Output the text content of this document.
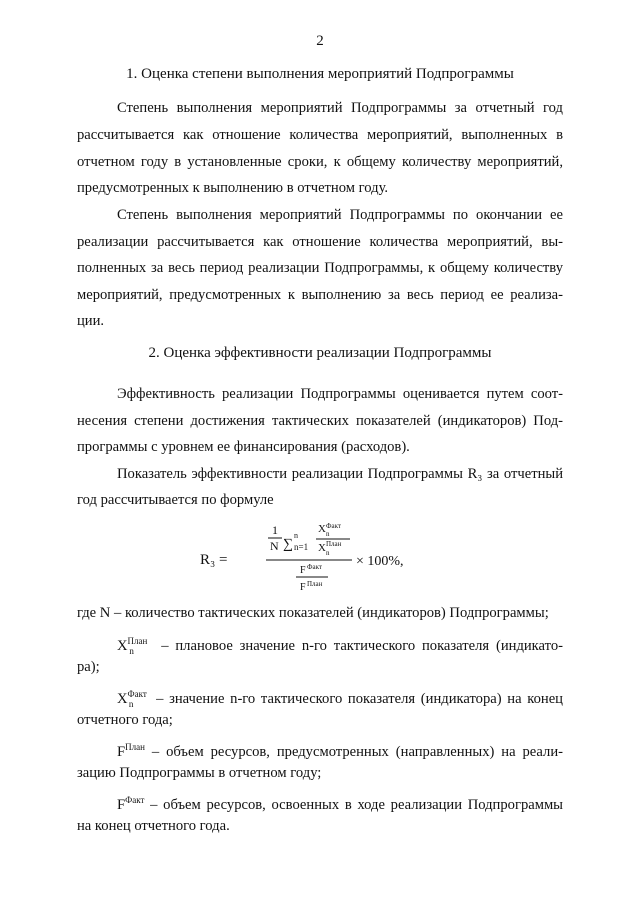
2
1. Оценка степени выполнения мероприятий Подпрограммы
Степень выполнения мероприятий Подпрограммы за отчетный год
рассчитывается как отношение количества мероприятий, выполненных в
отчетном году в установленные сроки, к общему количеству мероприятий,
предусмотренных к выполнению в отчетном году.
Степень выполнения мероприятий Подпрограммы по окончании ее
реализации рассчитывается как отношение количества мероприятий, вы-
полненных за весь период реализации Подпрограммы, к общему количеству
мероприятий, предусмотренных к выполнению за весь период ее реализа-
ции.
2. Оценка эффективности реализации Подпрограммы
Эффективность реализации Подпрограммы оценивается путем соот-
несения степени достижения тактических показателей (индикаторов) Под-
программы с уровнем ее финансирования (расходов).
Показатель эффективности реализации Подпрограммы R₃ за отчетный
год рассчитывается по формуле
R₃ =
1
N ∑
n
n=1
X Факт
n
X План
n
F Факт
F План
× 100%,
где N – количество тактических показателей (индикаторов) Подпрограммы;
$X^{План}_n$ – плановое значение n-го тактического показателя (индикато-
ра);
$X^{Факт}_n$ – значение n-го тактического показателя (индикатора) на конец
отчетного года;
$F^{План}$ – объем ресурсов, предусмотренных (направленных) на реали-
зацию Подпрограммы в отчетном году;
$F^{Факт}$ – объем ресурсов, освоенных в ходе реализации Подпрограммы
на конец отчетного года.
